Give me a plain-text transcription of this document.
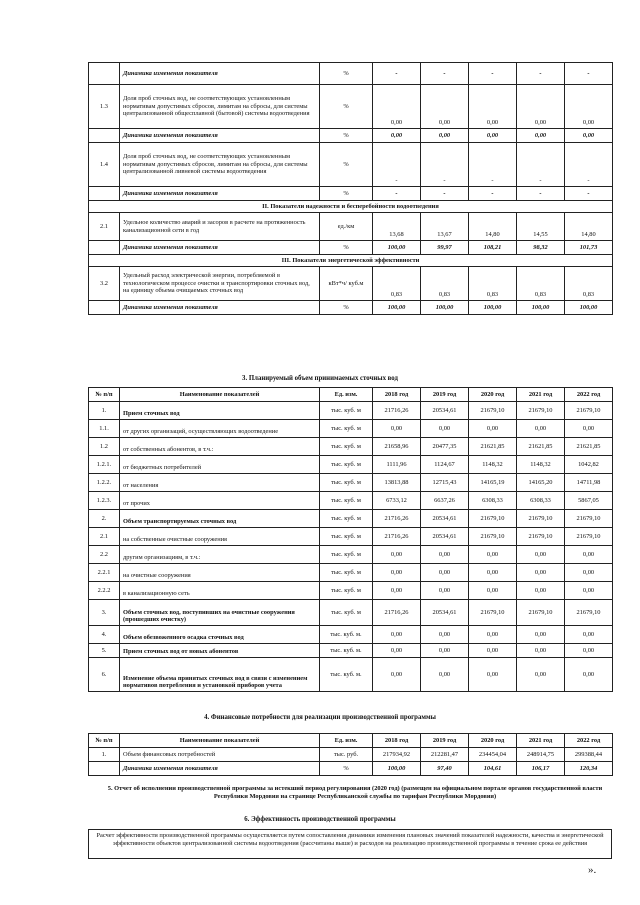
	Динамика изменения показателя	%	-	-	-	-	-
1.3	Доля проб сточных вод, не соответствующих установленным нормативам допустимых сбросов, лимитам на сбросы, для системы централизованной общесплавной (бытовой) системы водоотведения	%	0,00	0,00	0,00	0,00	0,00
	Динамика изменения показателя	%	0,00	0,00	0,00	0,00	0,00
1.4	Доля проб сточных вод, не соответствующих установленным нормативам допустимых сбросов, лимитам на сбросы, для системы централизованной ливневой системы водоотведения	%	-	-	-	-	-
	Динамика изменения показателя	%	-	-	-	-	-
II. Показатели надежности и бесперебойности водоотведения							
2.1	Удельное количество аварий и засоров в расчете на протяженность канализационной сети в год	ед./км	13,68	13,67	14,80	14,55	14,80
	Динамика изменения показателя	%	100,00	99,97	108,21	98,32	101,73
III. Показатели энергетической эффективности							
3.2	Удельный расход электрической энергии, потребляемой в технологическом процессе очистки и транспортировки сточных вод, на единицу объема очищаемых сточных вод	кВт*ч/ куб.м	0,83	0,83	0,83	0,83	0,83
	Динамика изменения показателя	%	100,00	100,00	100,00	100,00	100,00
3. Планируемый объем принимаемых сточных вод
№ п/п	Наименование показателей	Ед. изм.	2018 год	2019 год	2020 год	2021 год	2022 год
1.	Прием сточных вод	тыс. куб. м	21716,26	20534,61	21679,10	21679,10	21679,10
1.1.	от других организаций, осуществляющих водоотведение	тыс. куб. м	0,00	0,00	0,00	0,00	0,00
1.2	от собственных абонентов, в т.ч.:	тыс. куб. м	21658,96	20477,35	21621,85	21621,85	21621,85
1.2.1.	от бюджетных потребителей	тыс. куб. м	1111,96	1124,67	1148,32	1148,32	1042,82
1.2.2.	от населения	тыс. куб. м	13813,88	12715,43	14165,19	14165,20	14711,98
1.2.3.	от прочих	тыс. куб. м	6733,12	6637,26	6308,33	6308,33	5867,05
2.	Объем транспортируемых сточных вод	тыс. куб. м	21716,26	20534,61	21679,10	21679,10	21679,10
2.1	на собственные очистные сооружения	тыс. куб. м	21716,26	20534,61	21679,10	21679,10	21679,10
2.2	другим организациям, в т.ч.:	тыс. куб. м	0,00	0,00	0,00	0,00	0,00
2.2.1	на очистные сооружения	тыс. куб. м	0,00	0,00	0,00	0,00	0,00
2.2.2	в канализационную сеть	тыс. куб. м	0,00	0,00	0,00	0,00	0,00
3.	Объем сточных вод, поступивших на очистные сооружения (прошедших очистку)	тыс. куб. м	21716,26	20534,61	21679,10	21679,10	21679,10
4.	Объем обезвоженного осадка сточных вод	тыс. куб. м.	0,00	0,00	0,00	0,00	0,00
5.	Прием сточных вод от новых абонентов	тыс. куб. м.	0,00	0,00	0,00	0,00	0,00
6.	Изменение объема принятых сточных вод в связи с изменением нормативов потребления и установкой приборов учета	тыс. куб. м.	0,00	0,00	0,00	0,00	0,00
4. Финансовые потребности для реализации производственной программы
№ п/п	Наименование показателей	Ед. изм.	2018 год	2019 год	2020 год	2021 год	2022 год
1.	Объем финансовых потребностей	тыс. руб.	217934,92	212281,47	234454,04	248914,75	299388,44
	Динамика изменения показателя	%	100,00	97,40	104,61	106,17	120,34
5. Отчет об исполнении производственной программы за истекший период регулирования (2020 год) (размещен на официальном портале органов государственной власти Республики Мордовия на странице Республиканской службы по тарифам Республики Мордовия)
6. Эффективность производственной программы
Расчет эффективности производственной программы осуществляется путем сопоставления динамики изменения плановых значений показателей надежности, качества и энергетической эффективности объектов централизованной системы водоотведения (рассчитаны выше) и расходов на реализацию производственной программы в течение срока ее действия
».
